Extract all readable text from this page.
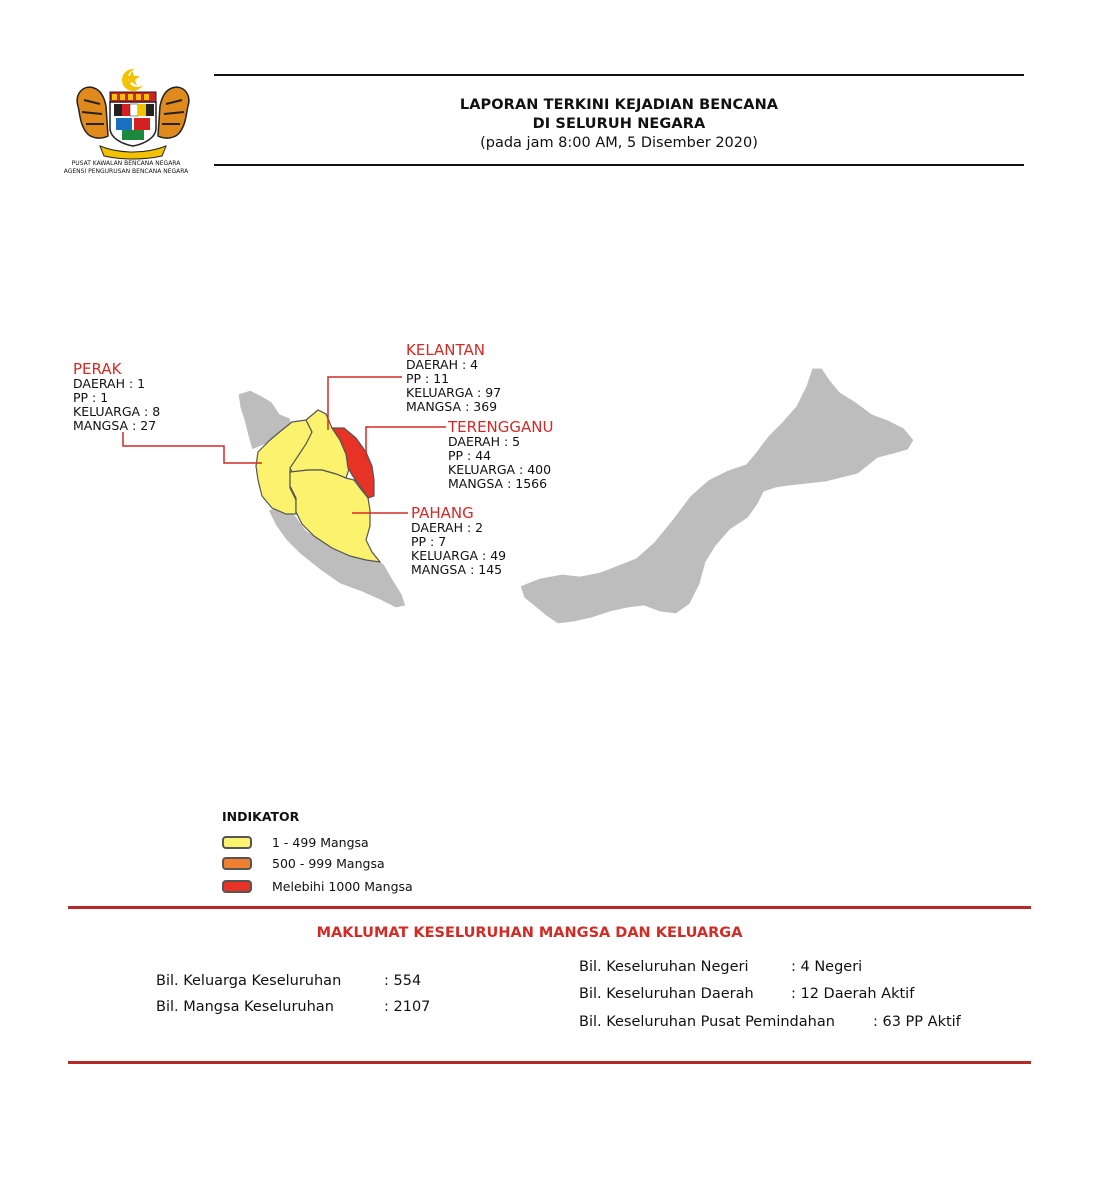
PUSAT KAWALAN BENCANA NEGARA
AGENSI PENGURUSAN BENCANA NEGARA
LAPORAN TERKINI KEJADIAN BENCANA
DI SELURUH NEGARA
(pada jam 8:00 AM, 5 Disember 2020)
PERAK
DAERAH : 1
PP : 1
KELUARGA : 8
MANGSA : 27
KELANTAN
DAERAH : 4
PP : 11
KELUARGA : 97
MANGSA : 369
TERENGGANU
DAERAH : 5
PP : 44
KELUARGA : 400
MANGSA : 1566
PAHANG
DAERAH : 2
PP : 7
KELUARGA : 49
MANGSA : 145
INDIKATOR
1 - 499 Mangsa
500 - 999 Mangsa
Melebihi 1000 Mangsa
MAKLUMAT KESELURUHAN MANGSA DAN KELUARGA
Bil. Keluarga Keseluruhan	: 554
Bil. Mangsa Keseluruhan	: 2107
Bil. Keseluruhan Negeri	: 4 Negeri
Bil. Keseluruhan Daerah	: 12 Daerah Aktif
Bil. Keseluruhan Pusat Pemindahan	: 63 PP Aktif
